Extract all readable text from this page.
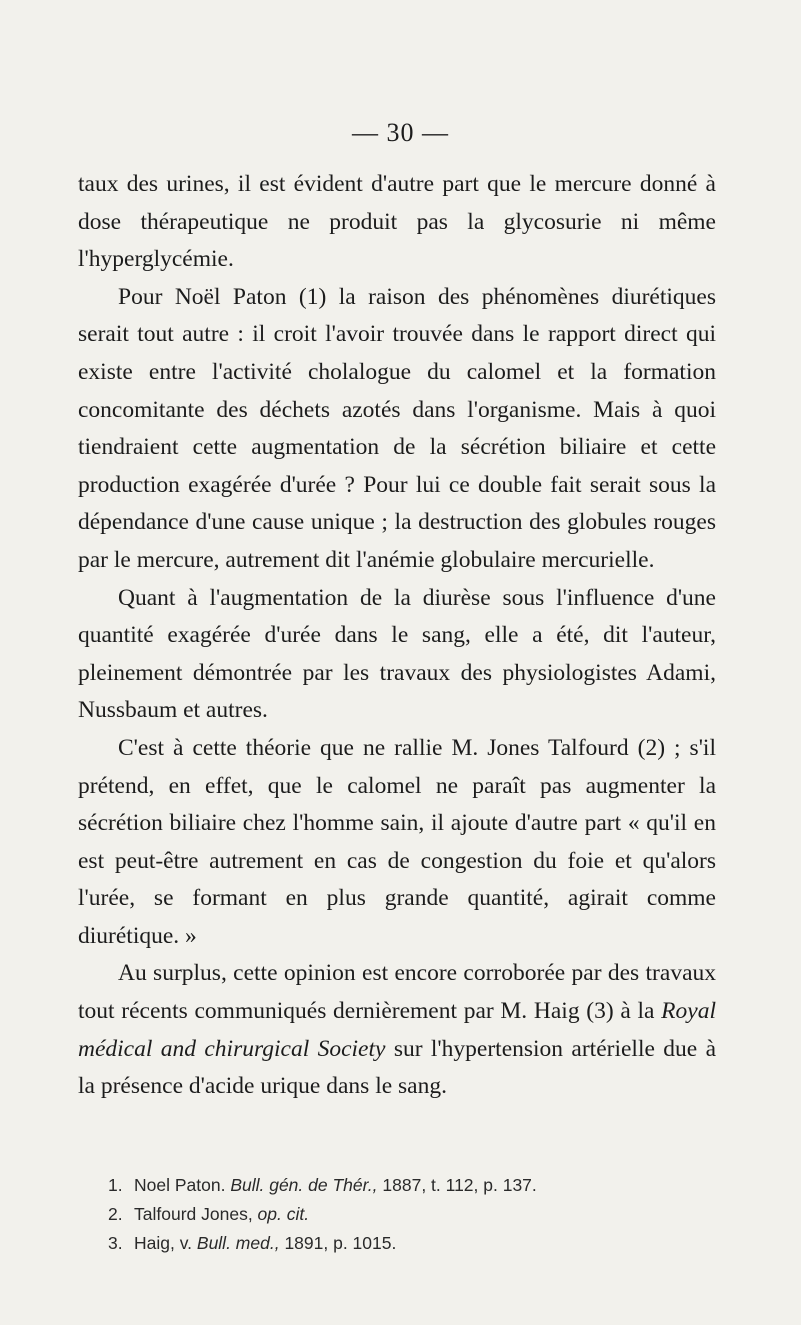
— 30 —

taux des urines, il est évident d'autre part que le mercure donné à dose thérapeutique ne produit pas la glycosurie ni même l'hyperglycémie.

Pour Noël Paton (1) la raison des phénomènes diurétiques serait tout autre : il croit l'avoir trouvée dans le rapport direct qui existe entre l'activité cholalogue du calomel et la formation concomitante des déchets azotés dans l'organisme. Mais à quoi tiendraient cette augmentation de la sécrétion biliaire et cette production exagérée d'urée ? Pour lui ce double fait serait sous la dépendance d'une cause unique ; la destruction des globules rouges par le mercure, autrement dit l'anémie globulaire mercurielle.

Quant à l'augmentation de la diurèse sous l'influence d'une quantité exagérée d'urée dans le sang, elle a été, dit l'auteur, pleinement démontrée par les travaux des physiologistes Adami, Nussbaum et autres.

C'est à cette théorie que ne rallie M. Jones Talfourd (2) ; s'il prétend, en effet, que le calomel ne paraît pas augmenter la sécrétion biliaire chez l'homme sain, il ajoute d'autre part « qu'il en est peut-être autrement en cas de congestion du foie et qu'alors l'urée, se formant en plus grande quantité, agirait comme diurétique. »

Au surplus, cette opinion est encore corroborée par des travaux tout récents communiqués dernièrement par M. Haig (3) à la Royal médical and chirurgical Society sur l'hypertension artérielle due à la présence d'acide urique dans le sang.

1. Noel Paton. Bull. gén. de Thér., 1887, t. 112, p. 137.
2. Talfourd Jones, op. cit.
3. Haig, v. Bull. med., 1891, p. 1015.
